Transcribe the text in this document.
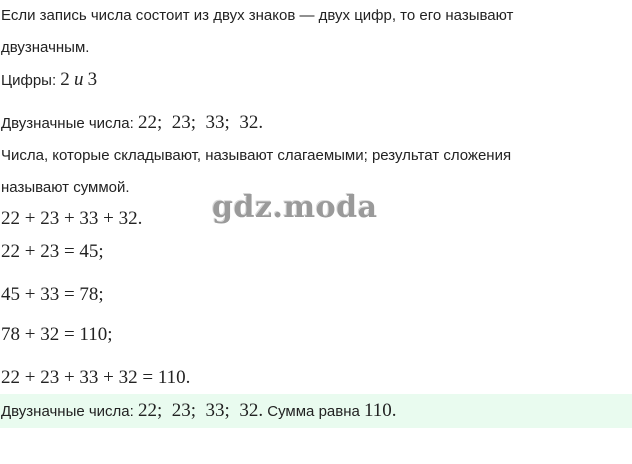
Если запись числа состоит из двух знаков — двух цифр, то его называют
двузначным.
Цифры: 2 и 3
Двузначные числа: 22;  23;  33;  32.
Числа, которые складывают, называют слагаемыми; результат сложения
называют суммой.
22 + 23 + 33 + 32.
22 + 23 = 45;
45 + 33 = 78;
78 + 32 = 110;
22 + 23 + 33 + 32 = 110.
Двузначные числа: 22;  23;  33;  32. Сумма равна 110.
gdz.moda
